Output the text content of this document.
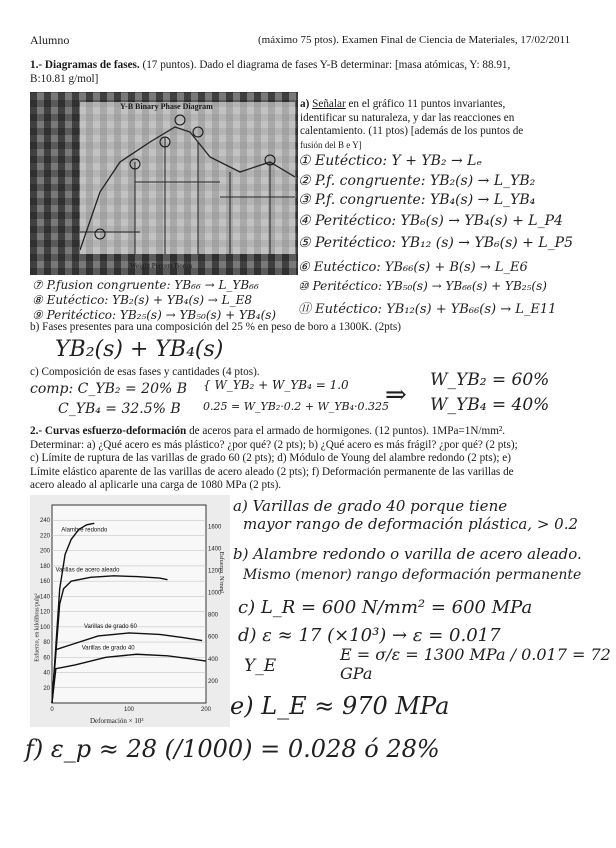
Alumno	(máximo 75 ptos). Examen Final de Ciencia de Materiales, 17/02/2011
1.- Diagramas de fases. (17 puntos). Dado el diagrama de fases Y-B determinar: [masa atómicas, Y: 88.91,
B:10.81 g/mol]
Y-B Binary Phase Diagram
Weight Percent Boron
a) Señalar en el gráfico 11 puntos invariantes,
identificar su naturaleza, y dar las reacciones en
calentamiento. (11 ptos) [además de los puntos de
fusión del B e Y]
① Eutéctico: Y + YB₂ → Lₑ
② P.f. congruente: YB₂(s) → L_YB₂
③ P.f. congruente: YB₄(s) → L_YB₄
④ Peritéctico: YB₆(s) → YB₄(s) + L_P4
⑤ Peritéctico: YB₁₂ (s) → YB₆(s) + L_P5
⑥ Eutéctico: YB₆₆(s) + B(s) → L_E6
⑩ Peritéctico: YB₅₀(s) → YB₆₆(s) + YB₂₅(s)
⑪ Eutéctico: YB₁₂(s) + YB₆₆(s) → L_E11
⑦ P.fusion congruente: YB₆₆ → L_YB₆₆
⑧ Eutéctico: YB₂(s) + YB₄(s) → L_E8
⑨ Peritéctico: YB₂₅(s) → YB₅₀(s) + YB₄(s)
b) Fases presentes para una composición del 25 % en peso de boro a 1300K. (2pts)
YB₂(s) + YB₄(s)
c) Composición de esas fases y cantidades (4 ptos).
comp: C_YB₂ = 20% B
C_YB₄ = 32.5% B
{ W_YB₂ + W_YB₄ = 1.0
0.25 = W_YB₂·0.2 + W_YB₄·0.325
⇒ W_YB₂ = 60%
W_YB₄ = 40%
2.- Curvas esfuerzo-deformación de aceros para el armado de hormigones. (12 puntos). 1MPa=1N/mm².
Determinar: a) ¿Qué acero es más plástico? ¿por qué? (2 pts); b) ¿Qué acero es más frágil? ¿por qué? (2 pts);
c) Límite de ruptura de las varillas de grado 60 (2 pts); d) Módulo de Young del alambre redondo (2 pts); e)
Límite elástico aparente de las varillas de acero aleado (2 pts); f) Deformación permanente de las varillas de
acero aleado al aplicarle una carga de 1080 MPa (2 pts).
20
40
60
80
100
120
140
160
180
200
220
240
200
400
600
800
1000
1200
1400
1600
0	100	200
Alambre redondo
Varillas de acero aleado
Varillas de grado 60
Varillas de grado 40
Deformación × 10³
Esfuerzo, en kilolibras/pulg²
Esfuerzo, N/mm²
a) Varillas de grado 40 porque tiene
mayor rango de deformación plástica, > 0.2
b) Alambre redondo o varilla de acero aleado.
Mismo (menor) rango deformación permanente
c) L_R = 600 N/mm² = 600 MPa
d) ε ≈ 17 (×10³) → ε = 0.017
Y_E
E = σ/ε = 1300 MPa / 0.017 = 72 GPa
e) L_E ≈ 970 MPa
f) ε_p ≈ 28 (/1000) = 0.028 ó 28%
